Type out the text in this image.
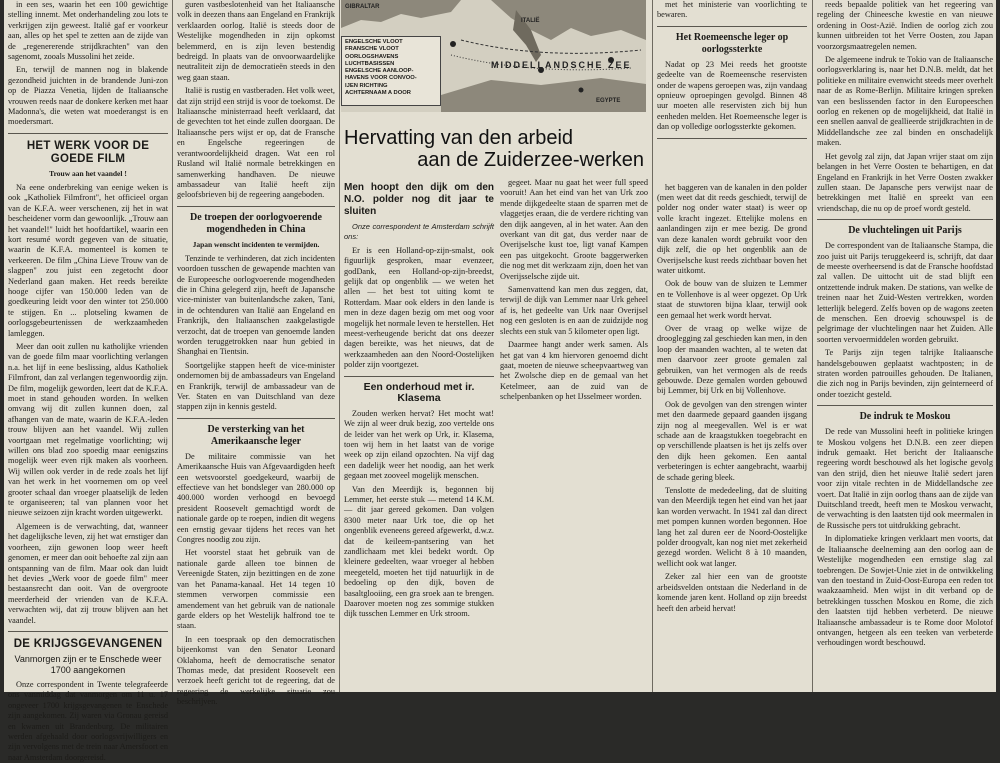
in een ses, waarin het een 100 gewichtige stelling innemt. Met onderhandeling zou lots te verkrijgen zijn geweest. Italië gaf er voorkeur aan, alles op het spel te zetten aan de zijde van de „regenererende strijdkrachten" van den sagenomt, zooals Mussolini het zeide.

En, terwijl de mannen nog in blakende gezondheid juichten in de brandende Juni-zon op de Piazza Venetia, lijden de Italiaansche vrouwen reeds naar de donkere kerken met haar Madonna's, die weten wat moederangst is en moedersmart.

HET WERK VOOR DE GOEDE FILM
Trouw aan het vaandel !

Na eene onderbreking van eenige weken is ook „Katholiek Filmfront", het officieel organ van de K.F.A. weer verschenen, zij het in wat bescheidener vorm dan gewoonlijk. „Trouw aan het vaandel!" luidt het hoofdartikel, waarin een kort resumé wordt gegeven van de situatie, waarin de K.F.A. momenteel is komen te verkeeren. De film „China Lieve Trouw van de slagpen" zou juist een zegetocht door Nederland gaan maken. Het reeds bereikte hooge cijfer van 150.000 leden van de goedkeuring leidt voor den winter tot 250.000 te stijgen. En ... plotseling kwamen de oorlogsgebeurtenissen de werkzaamheden lamleggen.

Meer dan ooit zullen nu katholijke vrienden van de goede film maar voorlichting verlangen n.a. het lijf in eene beslissing, aldus Katholiek Filmfront, dan zal verlangen tegenwoordig zijn. De film, mogelijk geworden, leert dat de K.F.A. moet in stand gehouden worden. In welken omvang wij dit zullen kunnen doen, zal afhangen van de mate, waarin de K.F.A.-leden trouw blijven aan het vaandel. Wij zullen voortgaan met regelmatige voorlichting; wij willen ons blad zoo spoedig maar eenigszins mogelijk weer even rijk maken als voorheen. Wij willen ook verder in de rede zoals het lijf van het werk in het voornemen om op veel grooter schaal dan vroeger plaatselijk de leden te organiseeren; tal van plannen voor het nieuwe seizoen zijn kracht worden uitgewerkt.

Algemeen is de verwachting, dat, wanneer het dagelijksche leven, zij het wat ernstiger dan voorheen, zijn gewonen loop weer heeft genomen, er meer dan ooit behoefte zal zijn aan ontspanning van de film. Maar ook dan luidt het devies „Werk voor de goede film" meer bestaansrecht dan ooit. Van de overgroote meerderheid der vrienden van de K.F.A. verwachten wij, dat zij trouw blijven aan het vaandel.

DE KRIJGSGEVANGENEN
Vanmorgen zijn er te Enschede weer 1700 aangekomen

Onze correspondent in Twente telegrafeerde ons vanmiddag dat vanmorgen om 11 u. 17 ongeveer 1700 krijgsgevangenen te Enschede zijn aangekomen. Zij waren via Gronau gereisd en kwamen uit Brandenburg. De militairen werden afgehaald door oorlogsvrijwilligers en zijn vervolgens met de trein naar Amersfoort en naar Amsterdam doorgereisd.

guren vastbeslotenheid van het Italiaansche volk in deezen thans aan Engeland en Frankrijk verklaarden oorlog. Italië is steeds door de Westelijke mogendheden in zijn opkomst belemmerd, en is zijn leven bestendig bedreigd. In plaats van de onvoorwaardelijke neutraliteit zijn de democratieën steeds in den weg gaan staan.

Italië is rustig en vastberaden. Het volk weet, dat zijn strijd een strijd is voor de toekomst. De Italiaansche ministerraad heeft verklaard, dat de gevechten tot het einde zullen doorgaan. De Italiaansche pers wijst er op, dat de Fransche en Engelsche regeeringen de verantwoordelijkheid dragen. Wat een rol Rusland wil Italië normale betrekkingen en samenwerking handhaven. De nieuwe ambassadeur van Italië heeft zijn geloofsbrieven bij de regeering aangeboden.

De troepen der oorlogvoerende mogendheden in China
Japan wenscht incidenten te vermijden.

Tenzinde te verhinderen, dat zich incidenten voordoen tusschen de gewapende machten van de Europeesche oorlogvoerende mogendheden die in China gelegerd zijn, heeft de Japansche vice-minister van buitenlandsche zaken, Tani, in de ochtenduren van Italië aan Engeland en Frankrijk, den Italiaanschen zaakgelastigde verzocht, dat de troepen van genoemde landen worden teruggetrokken naar hun gebied in Shanghai en Tientsin.

Soortgelijke stappen heeft de vice-minister ondernomen bij de ambassadeurs van Engeland en Frankrijk, terwijl de ambassadeur van de Ver. Staten en van Duitschland van deze stappen zijn in kennis gesteld.

De versterking van het Amerikaansche leger

De militaire commissie van het Amerikaansche Huis van Afgevaardigden heeft een wetsvoorstel goedgekeurd, waarbij de effectieve van het bondsleger van 280.000 op 400.000 worden verhoogd en bevoegd president Roosevelt gemachtigd wordt de nationale garde op te roepen, indien dit wegens een ernstig gevaar tijdens het reces van het Congres noodig zou zijn.

Het voorstel staat het gebruik van de nationale garde alleen toe binnen de Vereenigde Staten, zijn bezittingen en de zone van het Panama-kanaal. Het 14 tegen 10 stemmen verworpen commissie een amendement van het gebruik van de nationale garde elders op het Westelijk halfrond toe te staan.

In een toespraak op den democratischen bijeenkomst van den Senator Leonard Oklahoma, heeft de democratische senator Thomas mede, dat president Roosevelt een verzoek heeft gericht tot de regeering, dat de regeering de werkelijke situatie zou beschrijven.

GIBRALTAR
ITALIË
MIDDELLANDSCHE ZEE
EGYPTE
ENGELSCHE VLOOT
FRANSCHE VLOOT
OORLOGSHAVENS
LUCHTBASISSEN
ENGELSCHE AANLOOP-
HAVENS VOOR CONVOO-
IJEN RICHTING
ACHTERNAAM A DOOR
Hervatting van den arbeid
aan de Zuiderzee-werken
Men hoopt den dijk om den N.O. polder nog dit jaar te sluiten

Onze correspondent te Amsterdam schrijft ons:

Er is een Holland-op-zijn-smalst, ook figuurlijk gesproken, maar evenzeer, godDank, een Holland-op-zijn-breedst, gelijk dat op ongenblik — we weten het allen — het best tot uiting komt te Rotterdam. Maar ook elders in den lande is men in deze dagen bezig om met oog voor mogelijk het normale leven te herstellen. Het meest-verheugende bericht dat ons deezer dagen bereikte, was het nieuws, dat de werkzaamheden aan den Noord-Oostelijken polder zijn voortgezet.

Een onderhoud met ir. Klasema

Zouden werken hervat? Het mocht wat! We zijn al weer druk bezig, zoo vertelde ons de leider van het werk op Urk, ir. Klasema, toen wij hem in het laatst van de vorige week op zijn eiland opzochten. Na vijf dag een dadelijk weer het noodig, aan het werk gegaan met zooveel mogelijk menschen.

Van den Meerdijk is, begonnen bij Lemmer, het eerste stuk — metend 14 K.M. — dit jaar gereed gekomen. Dan volgen 8300 meter naar Urk toe, die op het ongenblik eveneens gereed afgewerkt, d.w.z. dat de keileem-pantsering van het zandlichaam met klei bedekt wordt. Op kleinere gedeelten, waar vroeger al hebben meegeteld, moeten het tijd natuurlijk in de bedoeling op den dijk, boven de basaltglooiing, een gra sroek aan te brengen. Daarover moeten nog zes sommige stukken dijk tusschen Lemmer en Urk stroom.

gegeet. Maar nu gaat het weer full speed vooruit! Aan het eind van het van Urk zoo mende dijkgedeelte staan de sparren met de vlaggetjes eraan, die de verdere richting van den dijk aangeven, al in het water. Aan den overkant van dit gat, dus verder naar de Overijselsche kust toe, ligt vanaf Kampen een pas uitgekocht. Groote baggerwerken die nog met dit werkzaam zijn, doen het van Overijsselsche zijde uit.

Samenvattend kan men dus zeggen, dat, terwijl de dijk van Lemmer naar Urk geheel af is, het gedeelte van Urk naar Overijsel nog een gesloten is en aan de zuidzijde nog slechts een stuk van 5 kilometer open ligt.

Daarmee hangt ander werk samen. Als het gat van 4 km hiervoren genoemd dicht gaat, moeten de nieuwe scheepvaartweg van het Zwolsche diep en de gemaal van het Ketelmeer, aan de zuid van de schelpenbanken op het IJsselmeer worden.

met het ministerie van voorlichting te bewaren.

Het Roemeensche leger op oorlogssterkte

Nadat op 23 Mei reeds het grootste gedeelte van de Roemeensche reservisten onder de wapens geroepen was, zijn vandaag opnieuw oproepingen gevolgd. Binnen 48 uur moeten alle reservisten zich bij hun eenheden melden. Het Roemeensche leger is dan op volledige oorlogssterkte gekomen.

het baggeren van de kanalen in den polder (men weet dat dit reeds geschiedt, terwijl de polder nog onder water staat) is weer op volle kracht ingezet. Ettelijke molens en aanlandingen zijn er mee bezig. De grond van deze kanalen wordt gebruikt voor den dijk zelf, die op het ongenblik aan de Overijselsche kust reeds zichtbaar boven het water uitkomt.

Ook de bouw van de sluizen te Lemmer en te Vollenhove is al weer opgezet. Op Urk staat de stuwtoren bijna klaar, terwijl ook een gemaal het werk wordt hervat.

Over de vraag op welke wijze de drooglegging zal geschieden kan men, in den loop der maanden wachten, al te weten dat men daarvoor zeer groote gemalen zal gebruiken, van het vermogen als de reeds gebouwde. Deze gemalen worden gebouwd bij Lemmer, bij Urk en bij Vollenhove.

Ook de gevolgen van den strengen winter met den daarmede gepaard gaanden ijsgang zijn nog al meegevallen. Wel is er wat schade aan de kraagstukken toegebracht en op verschillende plaatsen is het ijs zelfs over den dijk heen gekomen. Een aantal verbeteringen is echter aangebracht, waarbij de schade gering bleek.

Tenslotte de mededeeling, dat de sluiting van den Meerdijk tegen het eind van het jaar kan worden verwacht. In 1941 zal dan direct met pompen kunnen worden begonnen. Hoe lang het zal duren eer de Noord-Oostelijke polder droogvalt, kan nog niet met zekerheid gezegd worden. Welicht 8 à 10 maanden, wellicht ook wat langer.

Zeker zal hier een van de grootste arbeidsvelden ontstaan die Nederland in de komende jaren kent. Holland op zijn breedst heeft den arbeid hervat!

reeds bepaalde politiek van het regeering van regeling der Chineesche kwestie en van nieuwe ordening in Oost-Azië. Indien de oorlog zich zou kunnen uitbreiden tot het Verre Oosten, zou Japan voorzorgsmaatregelen nemen.

De algemeene indruk te Tokio van de Italiaansche oorlogsverklaring is, naar het D.N.B. meldt, dat het politieke en militaire evenwicht steeds meer overhelt naar de as Rome-Berlijn. Militaire kringen spreken van een beslissenden factor in den Europeeschen oorlog en rekenen op de mogelijkheid, dat Italië in een snellen aanval de geallieerde strijdkrachten in de Middellandsche zee zal binden en onschadelijk maken.

Het gevolg zal zijn, dat Japan vrijer staat om zijn belangen in het Verre Oosten te behartigen, en dat Engeland en Frankrijk in het Verre Oosten zwakker zullen staan. De Japansche pers verwijst naar de betrekkingen met Italië en spreekt van een vriendschap, die nu op de proef wordt gesteld.

De vluchtelingen uit Parijs

De correspondent van de Italiaansche Stampa, die zoo juist uit Parijs teruggekeerd is, schrijft, dat daar de meeste overheersend is dat de Fransche hoofdstad zal vallen. De uittocht uit de stad blijft een ontzettende indruk maken. De stations, van welke de treinen naar het Zuid-Westen vertrekken, worden letterlijk belegerd. Zelfs boven op de wagons zeeten de menschen. Een droevig schouwspel is de pelgrimage der vluchtelingen naar het Zuiden. Alle soorten vervoermiddelen worden gebruikt.

Te Parijs zijn tegen talrijke Italiaansche handelsgebouwen geplaatst wachtposten; in de straten worden patrouilles gehouden. De Italianen, die zich nog in Parijs bevinden, zijn geïnterneerd of onder toezicht gesteld.

De indruk te Moskou

De rede van Mussolini heeft in politieke kringen te Moskou volgens het D.N.B. een zeer diepen indruk gemaakt. Het bericht der Italiaansche regeering wordt beschouwd als het logische gevolg van den strijd, dien het nieuwe Italië sedert jaren voor zijn vitale rechten in de Middellandsche zee voert. Dat Italië in zijn oorlog thans aan de zijde van Duitschland treedt, heeft men te Moskou verwacht, de verwachting is den laatsten tijd ook meermalen in de Russische pers tot uitdrukking gebracht.

In diplomatieke kringen verklaart men voorts, dat de Italiaansche deelneming aan den oorlog aan de Westelijke mogendheden een ernstige slag zal toebrengen. De Sowjet-Unie ziet in de ontwikkeling van den toestand in Zuid-Oost-Europa een reden tot waakzaamheid. Men wijst in dit verband op de betrekkingen tusschen Moskou en Rome, die zich den laatsten tijd hebben verbeterd. De nieuwe Italiaansche ambassadeur is te Rome door Molotof ontvangen, hetgeen als een teeken van verbeterde verhoudingen wordt beschouwd.
